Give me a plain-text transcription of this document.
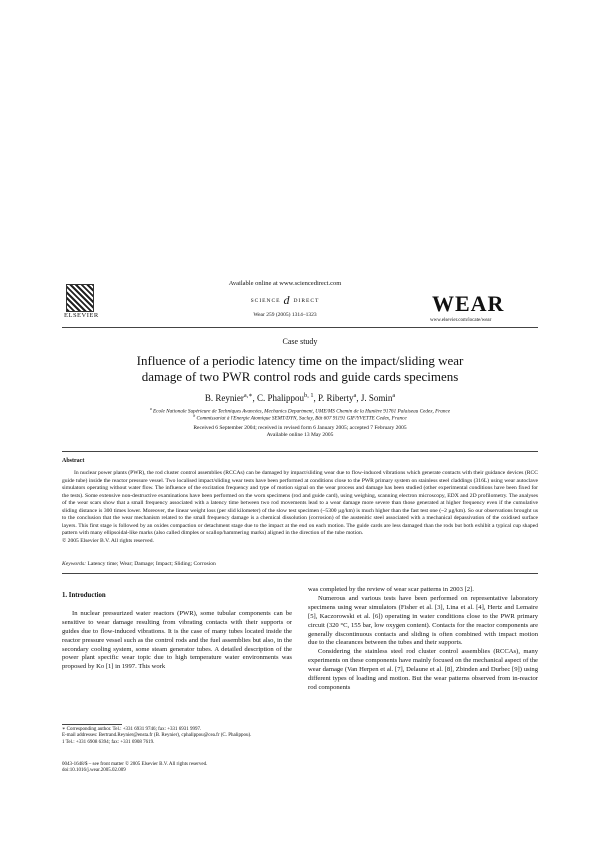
ELSEVIER
Available online at www.sciencedirect.com
SCIENCE d DIRECT
Wear 259 (2005) 1314–1323	WEAR
www.elsevier.com/locate/wear
Case study
Influence of a periodic latency time on the impact/sliding wear
damage of two PWR control rods and guide cards specimens
B. Reynier$^{a,∗}$, C. Phalippou$^{b, 1}$, P. Riberty$^a$, J. Somin$^a$
$^a$ Ecole Nationale Supérieure de Techniques Avancées, Mechanics Department, UME/MS Chemin de la Hunière 91761 Palaiseau Cedex, France
$^b$ Commissariat à l'Energie Atomique SEMT/DYN, Saclay, Bât 607 91191 GIF/YVETTE Cedex, France
Received 6 September 2004; received in revised form 6 January 2005; accepted 7 February 2005
Available online 13 May 2005
Abstract

In nuclear power plants (PWR), the rod cluster control assemblies (RCCAs) can be damaged by impact/sliding wear due to flow-induced vibrations which generate contacts with their guidance devices (RCC guide tube) inside the reactor pressure vessel. Two localised impact/sliding wear tests have been performed at conditions close to the PWR primary system on stainless steel claddings (316L) using wear autoclave simulators operating without water flow. The influence of the excitation frequency and type of motion signal on the wear process and damage has been studied (other experimental conditions have been fixed for the tests). Some extensive non-destructive examinations have been performed on the worn specimens (rod and guide card), using weighing, scanning electron microscopy, EDX and 2D profilometry. The analyses of the wear scars show that a small frequency associated with a latency time between two rod movements lead to a wear damage more severe than those generated at higher frequency even if the cumulative sliding distance is 300 times lower. Moreover, the linear weight loss (per slid kilometer) of the slow test specimen (~5300 µg/km) is much higher than the fast test one (~2 µg/km). So our observations brought us to the conclusion that the wear mechanism related to the small frequency damage is a chemical dissolution (corrosion) of the austenitic steel associated with a mechanical depassivation of the oxidised surface layers. This first stage is followed by an oxides compaction or detachment stage due to the impact at the end on each motion. The guide cards are less damaged than the rods but both exhibit a typical cup shaped pattern with many ellipsoidal-like marks (also called dimples or scallop/hammering marks) aligned in the direction of the tube motion.

© 2005 Elsevier B.V. All rights reserved.
Keywords: Latency time; Wear; Damage; Impact; Sliding; Corrosion

1. Introduction

In nuclear pressurized water reactors (PWR), some tubular components can be sensitive to wear damage resulting from vibrating contacts with their supports or guides due to flow-induced vibrations. It is the case of many tubes located inside the reactor pressure vessel such as the control rods and the fuel assemblies but also, in the secondary cooling system, some steam generator tubes. A detailed description of the power plant specific wear topic due to high temperature water environments was proposed by Ko [1] in 1997. This work

∗ Corresponding author. Tel.: +331 6931 9746; fax: +331 6931 9997.

E-mail addresses: Bertrand.Reynier@ensta.fr (B. Reynier), cphalippou@cea.fr (C. Phalippou).

1 Tel.: +331 6908 6394; fax: +331 6908 7619.

0043-1648/$ – see front matter © 2005 Elsevier B.V. All rights reserved.

doi:10.1016/j.wear.2005.02.009

was completed by the review of wear scar patterns in 2003 [2].

Numerous and various tests have been performed on representative laboratory specimens using wear simulators (Fisher et al. [3], Lina et al. [4], Hertz and Lemaire [5], Kaczorowski et al. [6]) operating in water conditions close to the PWR primary circuit (320 °C, 155 bar, low oxygen content). Contacts for the reactor components are generally discontinuous contacts and sliding is often combined with impact motion due to the clearances between the tubes and their supports.

Considering the stainless steel rod cluster control assemblies (RCCAs), many experiments on these components have mainly focused on the mechanical aspect of the wear damage (Van Herpen et al. [7], Delaune et al. [8], Zbinden and Durbec [9]) using different types of loading and motion. But the wear patterns observed from in-reactor rod components
